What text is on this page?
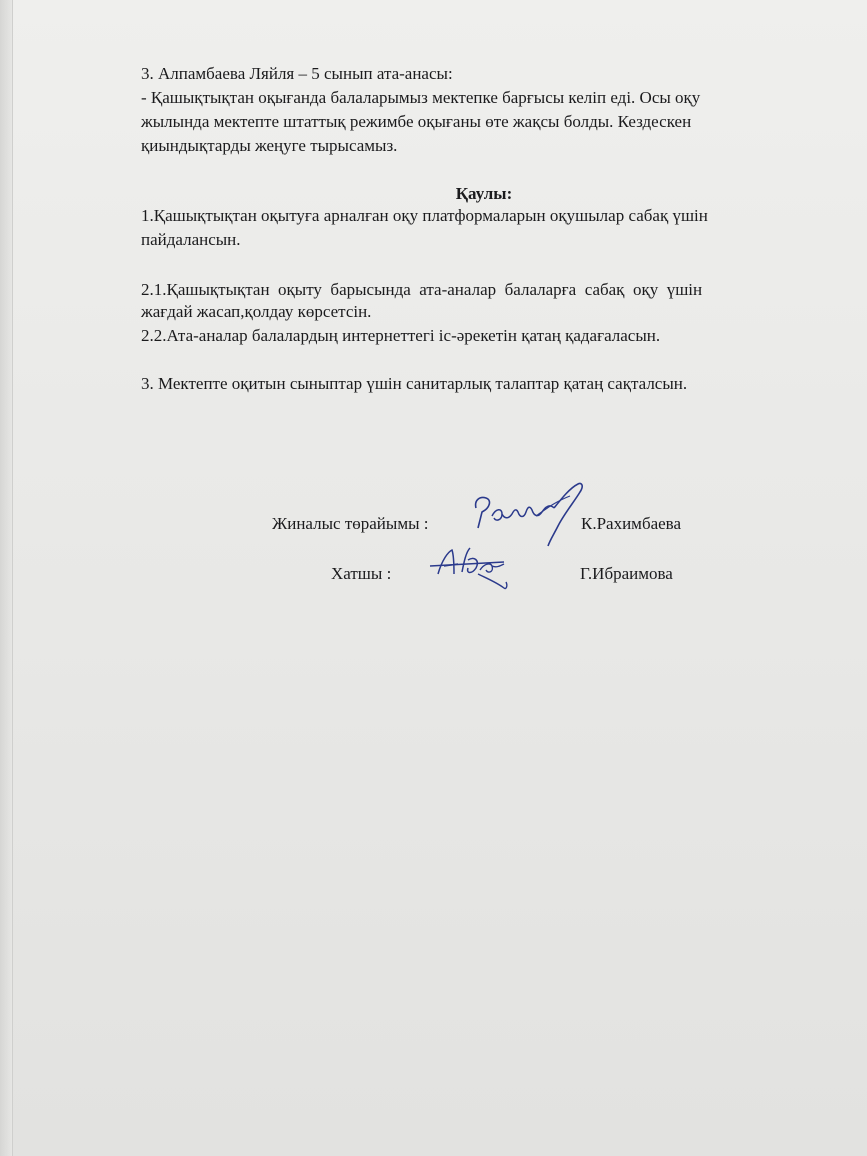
3. Алпамбаева Ляйля – 5 сынып ата-анасы:

- Қашықтықтан оқығанда балаларымыз мектепке барғысы келіп еді. Осы оқу

жылында мектепте штаттық режимбе оқығаны өте жақсы болды. Кездескен

қиындықтарды жеңуге тырысамыз.

Қаулы:

1.Қашықтықтан оқытуға арналған оқу платформаларын оқушылар сабақ үшін

пайдалансын.

2.1.Қашықтықтан  оқыту  барысында  ата-аналар  балаларға  сабақ  оқу  үшін

жағдай жасап,қолдау көрсетсін.

2.2.Ата-аналар балалардың интернеттегі іс-әрекетін қатаң қадағаласын.

3. Мектепте оқитын сыныптар үшін санитарлық талаптар қатаң сақталсын.

Жиналыс төрайымы :	К.Рахимбаева
Хатшы :	Г.Ибраимова
